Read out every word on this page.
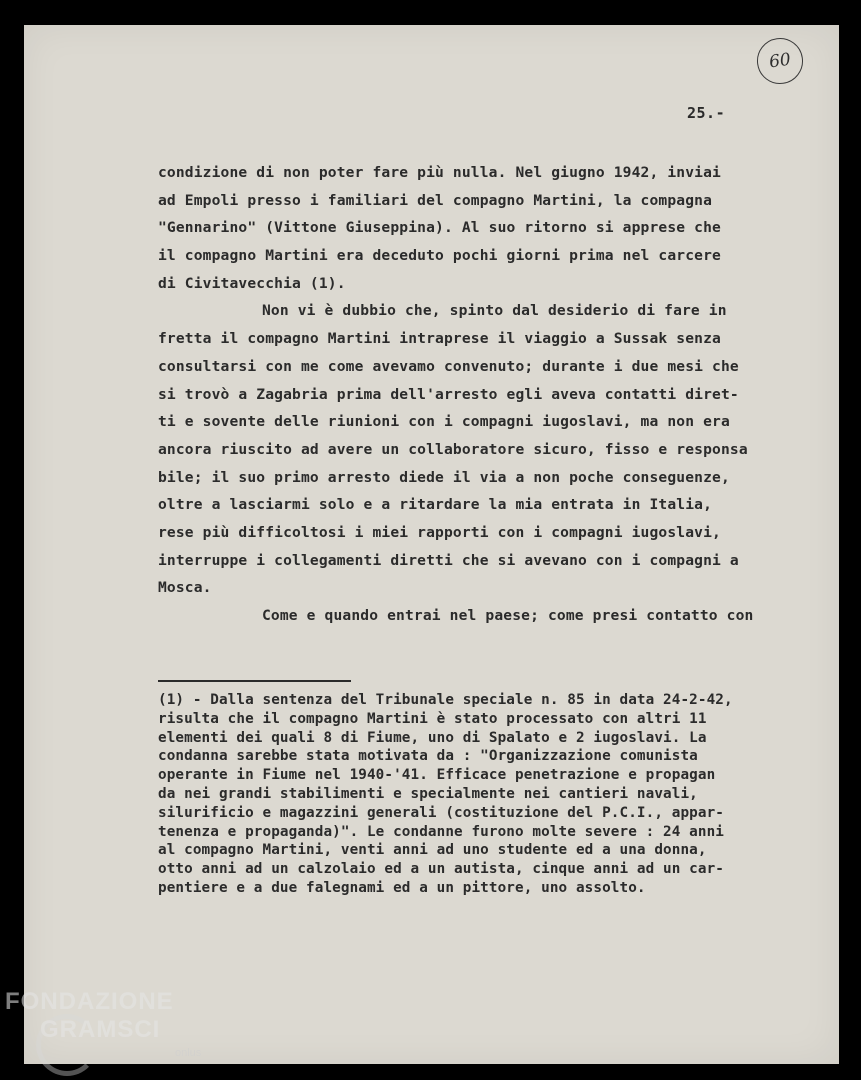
60
25.-
condizione di non poter fare più nulla. Nel giugno 1942, inviai
ad Empoli presso i familiari del compagno Martini, la compagna
"Gennarino" (Vittone Giuseppina). Al suo ritorno si apprese che
il compagno Martini era deceduto pochi giorni prima nel carcere
di Civitavecchia (1).
Non vi è dubbio che, spinto dal desiderio di fare in
fretta il compagno Martini intraprese il viaggio a Sussak senza
consultarsi con me come avevamo convenuto; durante i due mesi che
si trovò a Zagabria prima dell'arresto egli aveva contatti diret-
ti e sovente delle riunioni con i compagni iugoslavi, ma non era
ancora riuscito ad avere un collaboratore sicuro, fisso e responsa
bile; il suo primo arresto diede il via a non poche conseguenze,
oltre a lasciarmi solo e a ritardare la mia entrata in Italia,
rese più difficoltosi i miei rapporti con i compagni iugoslavi,
interruppe i collegamenti diretti che si avevano con i compagni a
Mosca.
Come e quando entrai nel paese; come presi contatto con
(1) - Dalla sentenza del Tribunale speciale n. 85 in data 24-2-42,
risulta che il compagno Martini è stato processato con altri 11
elementi dei quali 8 di Fiume, uno di Spalato e 2 iugoslavi. La
condanna sarebbe stata motivata da : "Organizzazione comunista
operante in Fiume nel 1940-'41. Efficace penetrazione e propagan
da nei grandi stabilimenti e specialmente nei cantieri navali,
silurificio e magazzini generali (costituzione del P.C.I., appar-
tenenza e propaganda)". Le condanne furono molte severe : 24 anni
al compagno Martini, venti anni ad uno studente ed a una donna,
otto anni ad un calzolaio ed a un autista, cinque anni ad un car-
pentiere e a due falegnami ed a un pittore, uno assolto.
FONDAZIONE
GRAMSCI
onlus
